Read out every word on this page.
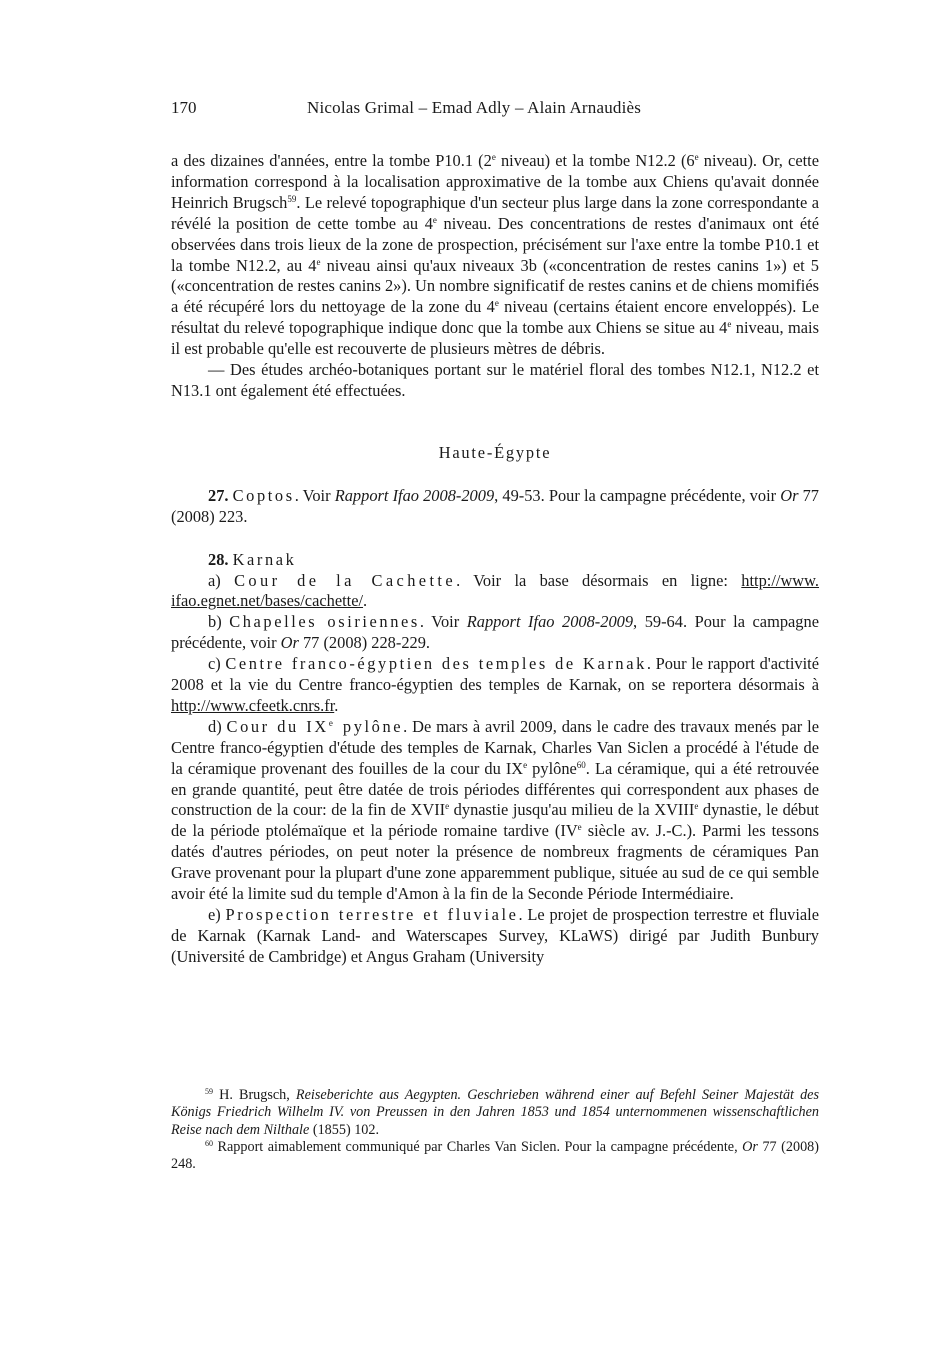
170	Nicolas Grimal – Emad Adly – Alain Arnaudiès

a des dizaines d'années, entre la tombe P10.1 (2e niveau) et la tombe N12.2 (6e niveau). Or, cette information correspond à la localisation approximative de la tombe aux Chiens qu'avait donnée Heinrich Brugsch$^{59}$. Le relevé topographique d'un secteur plus large dans la zone correspondante a révélé la position de cette tombe au 4e niveau. Des concentrations de restes d'animaux ont été observées dans trois lieux de la zone de prospection, précisément sur l'axe entre la tombe P10.1 et la tombe N12.2, au 4e niveau ainsi qu'aux niveaux 3b («concentration de restes canins 1») et 5 («concentration de restes canins 2»). Un nombre significatif de restes canins et de chiens momifiés a été récupéré lors du nettoyage de la zone du 4e niveau (certains étaient encore enveloppés). Le résultat du relevé topographique indique donc que la tombe aux Chiens se situe au 4e niveau, mais il est probable qu'elle est recouverte de plusieurs mètres de débris.

— Des études archéo-botaniques portant sur le matériel floral des tombes N12.1, N12.2 et N13.1 ont également été effectuées.

Haute-Égypte

27. Coptos. Voir Rapport Ifao 2008-2009, 49-53. Pour la campagne précédente, voir Or 77 (2008) 223.

28. Karnak

a) Cour de la Cachette. Voir la base désormais en ligne: http://www. ifao.egnet.net/bases/cachette/.

b) Chapelles osiriennes. Voir Rapport Ifao 2008-2009, 59-64. Pour la campagne précédente, voir Or 77 (2008) 228-229.

c) Centre franco-égyptien des temples de Karnak. Pour le rapport d'activité 2008 et la vie du Centre franco-égyptien des temples de Karnak, on se reportera désormais à http://www.cfeetk.cnrs.fr.

d) Cour du IXe pylône. De mars à avril 2009, dans le cadre des travaux menés par le Centre franco-égyptien d'étude des temples de Karnak, Charles Van Siclen a procédé à l'étude de la céramique provenant des fouilles de la cour du IXe pylône$^{60}$. La céramique, qui a été retrouvée en grande quantité, peut être datée de trois périodes différentes qui correspondent aux phases de construction de la cour: de la fin de XVIIe dynastie jusqu'au milieu de la XVIIIe dynastie, le début de la période ptolémaïque et la période romaine tardive (IVe siècle av. J.-C.). Parmi les tessons datés d'autres périodes, on peut noter la présence de nombreux fragments de céramiques Pan Grave provenant pour la plupart d'une zone apparemment publique, située au sud de ce qui semble avoir été la limite sud du temple d'Amon à la fin de la Seconde Période Intermédiaire.

e) Prospection terrestre et fluviale. Le projet de prospection terrestre et fluviale de Karnak (Karnak Land- and Waterscapes Survey, KLaWS) dirigé par Judith Bunbury (Université de Cambridge) et Angus Graham (University

$^{59}$ H. Brugsch, Reiseberichte aus Aegypten. Geschrieben während einer auf Befehl Seiner Majestät des Königs Friedrich Wilhelm IV. von Preussen in den Jahren 1853 und 1854 unternommenen wissenschaftlichen Reise nach dem Nilthale (1855) 102.

$^{60}$ Rapport aimablement communiqué par Charles Van Siclen. Pour la campagne précédente, Or 77 (2008) 248.
